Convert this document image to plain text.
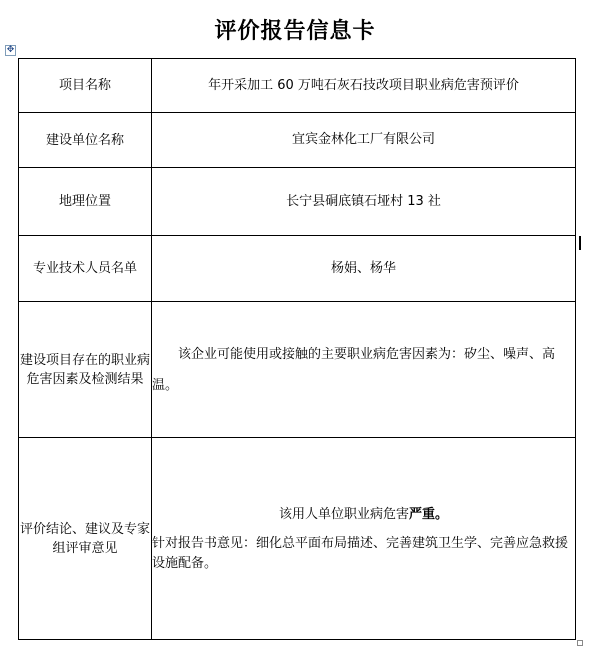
评价报告信息卡
✥
项目名称	年开采加工 60 万吨石灰石技改项目职业病危害预评价
建设单位名称	宜宾金林化工厂有限公司
地理位置	长宁县硐底镇石垭村 13 社
专业技术人员名单	杨娟、杨华
建设项目存在的职业病危害因素及检测结果	该企业可能使用或接触的主要职业病危害因素为：矽尘、噪声、高温。

评价结论、建议及专家组评审意见	该用人单位职业病危害严重。
针对报告书意见：细化总平面布局描述、完善建筑卫生学、完善应急救援设施配备。
